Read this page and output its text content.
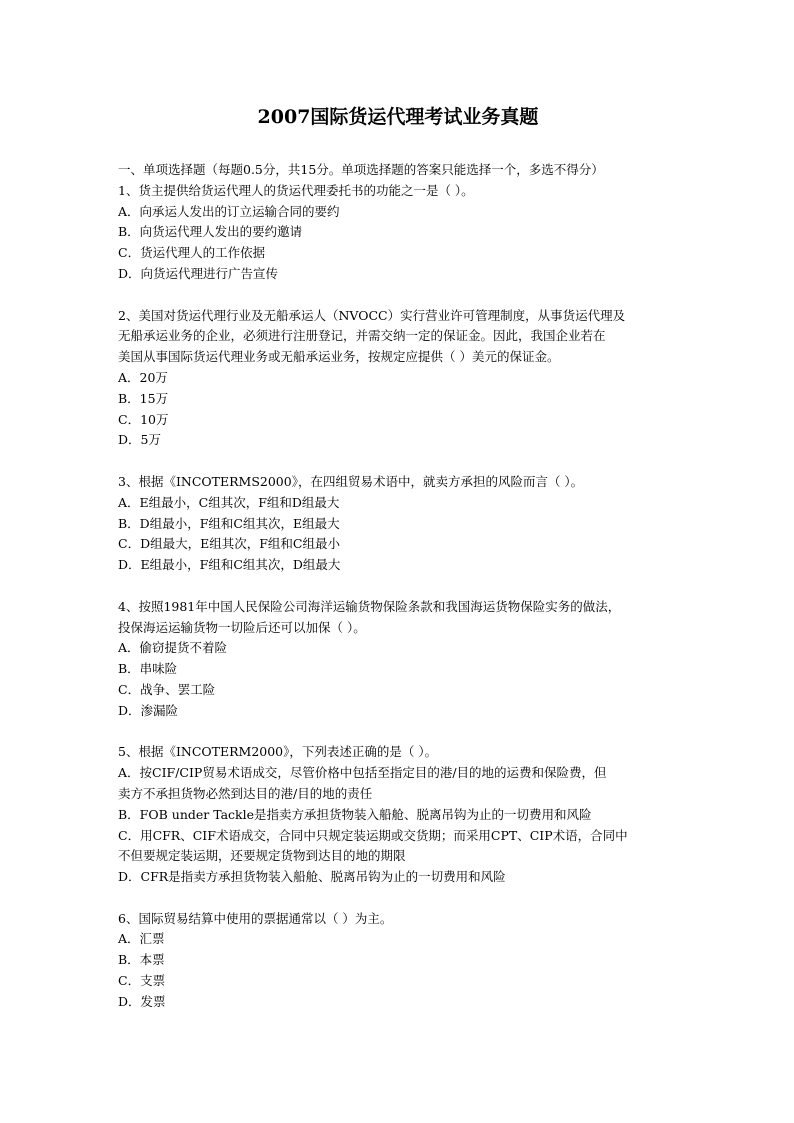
2007国际货运代理考试业务真题
一、单项选择题（每题0.5分，共15分。单项选择题的答案只能选择一个，多选不得分）
1、货主提供给货运代理人的货运代理委托书的功能之一是（ ）。
A．向承运人发出的订立运输合同的要约
B．向货运代理人发出的要约邀请
C．货运代理人的工作依据
D．向货运代理进行广告宣传
2、美国对货运代理行业及无船承运人（NVOCC）实行营业许可管理制度，从事货运代理及
无船承运业务的企业，必须进行注册登记，并需交纳一定的保证金。因此，我国企业若在
美国从事国际货运代理业务或无船承运业务，按规定应提供（ ）美元的保证金。
A．20万
B．15万
C．10万
D．5万
3、根据《INCOTERMS2000》，在四组贸易术语中，就卖方承担的风险而言（ ）。
A．E组最小，C组其次，F组和D组最大
B．D组最小，F组和C组其次，E组最大
C．D组最大，E组其次，F组和C组最小
D．E组最小，F组和C组其次，D组最大
4、按照1981年中国人民保险公司海洋运输货物保险条款和我国海运货物保险实务的做法，
投保海运运输货物一切险后还可以加保（ ）。
A．偷窃提货不着险
B．串味险
C．战争、罢工险
D．渗漏险
5、根据《INCOTERM2000》，下列表述正确的是（ ）。
A．按CIF/CIP贸易术语成交，尽管价格中包括至指定目的港/目的地的运费和保险费，但
卖方不承担货物必然到达目的港/目的地的责任
B．FOB under Tackle是指卖方承担货物装入船舱、脱离吊钩为止的一切费用和风险
C．用CFR、CIF术语成交，合同中只规定装运期或交货期；而采用CPT、CIP术语，合同中
不但要规定装运期，还要规定货物到达目的地的期限
D．CFR是指卖方承担货物装入船舱、脱离吊钩为止的一切费用和风险
6、国际贸易结算中使用的票据通常以（ ）为主。
A．汇票
B．本票
C．支票
D．发票
